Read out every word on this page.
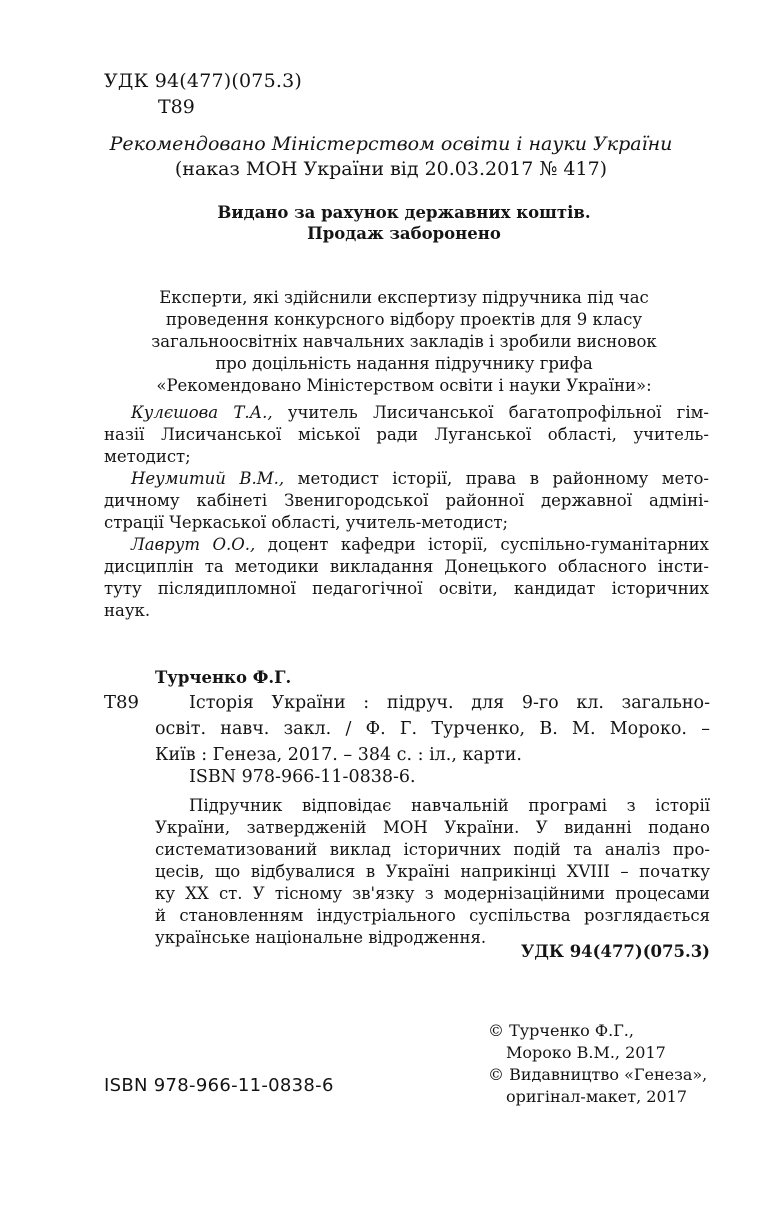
УДК 94(477)(075.3)
Т89
Рекомендовано Міністерством освіти і науки України
(наказ МОН України від 20.03.2017 № 417)
Видано за рахунок державних коштів.
Продаж заборонено
Експерти, які здійснили експертизу підручника під час
проведення конкурсного відбору проектів для 9 класу
загальноосвітніх навчальних закладів і зробили висновок
про доцільність надання підручнику грифа
«Рекомендовано Міністерством освіти і науки України»:
Кулєшова Т.А., учитель Лисичанської багатопрофільної гім-
назії Лисичанської міської ради Луганської області, учитель-
методист;
Неумитий В.М., методист історії, права в районному мето-
дичному кабінеті Звенигородської районної державної адміні-
страції Черкаської області, учитель-методист;
Лаврут О.О., доцент кафедри історії, суспільно-гуманітарних
дисциплін та методики викладання Донецького обласного інсти-
туту післядипломної педагогічної освіти, кандидат історичних
наук.
Турченко Ф.Г.
Т89	Історія України : підруч. для 9-го кл. загально-
освіт. навч. закл. / Ф. Г. Турченко, В. М. Мороко. –
Київ : Генеза, 2017. – 384 с. : іл., карти.
ISBN 978-966-11-0838-6.
Підручник відповідає навчальній програмі з історії
України, затвердженій МОН України. У виданні подано
систематизований виклад історичних подій та аналіз про-
цесів, що відбувалися в Україні наприкінці XVIII – початку
ку XX ст. У тісному зв'язку з модернізаційними процесами
й становленням індустріального суспільства розглядається
українське національне відродження.
УДК 94(477)(075.3)
© Турченко Ф.Г.,
Мороко В.М., 2017
© Видавництво «Генеза»,
оригінал-макет, 2017
ISBN 978-966-11-0838-6
